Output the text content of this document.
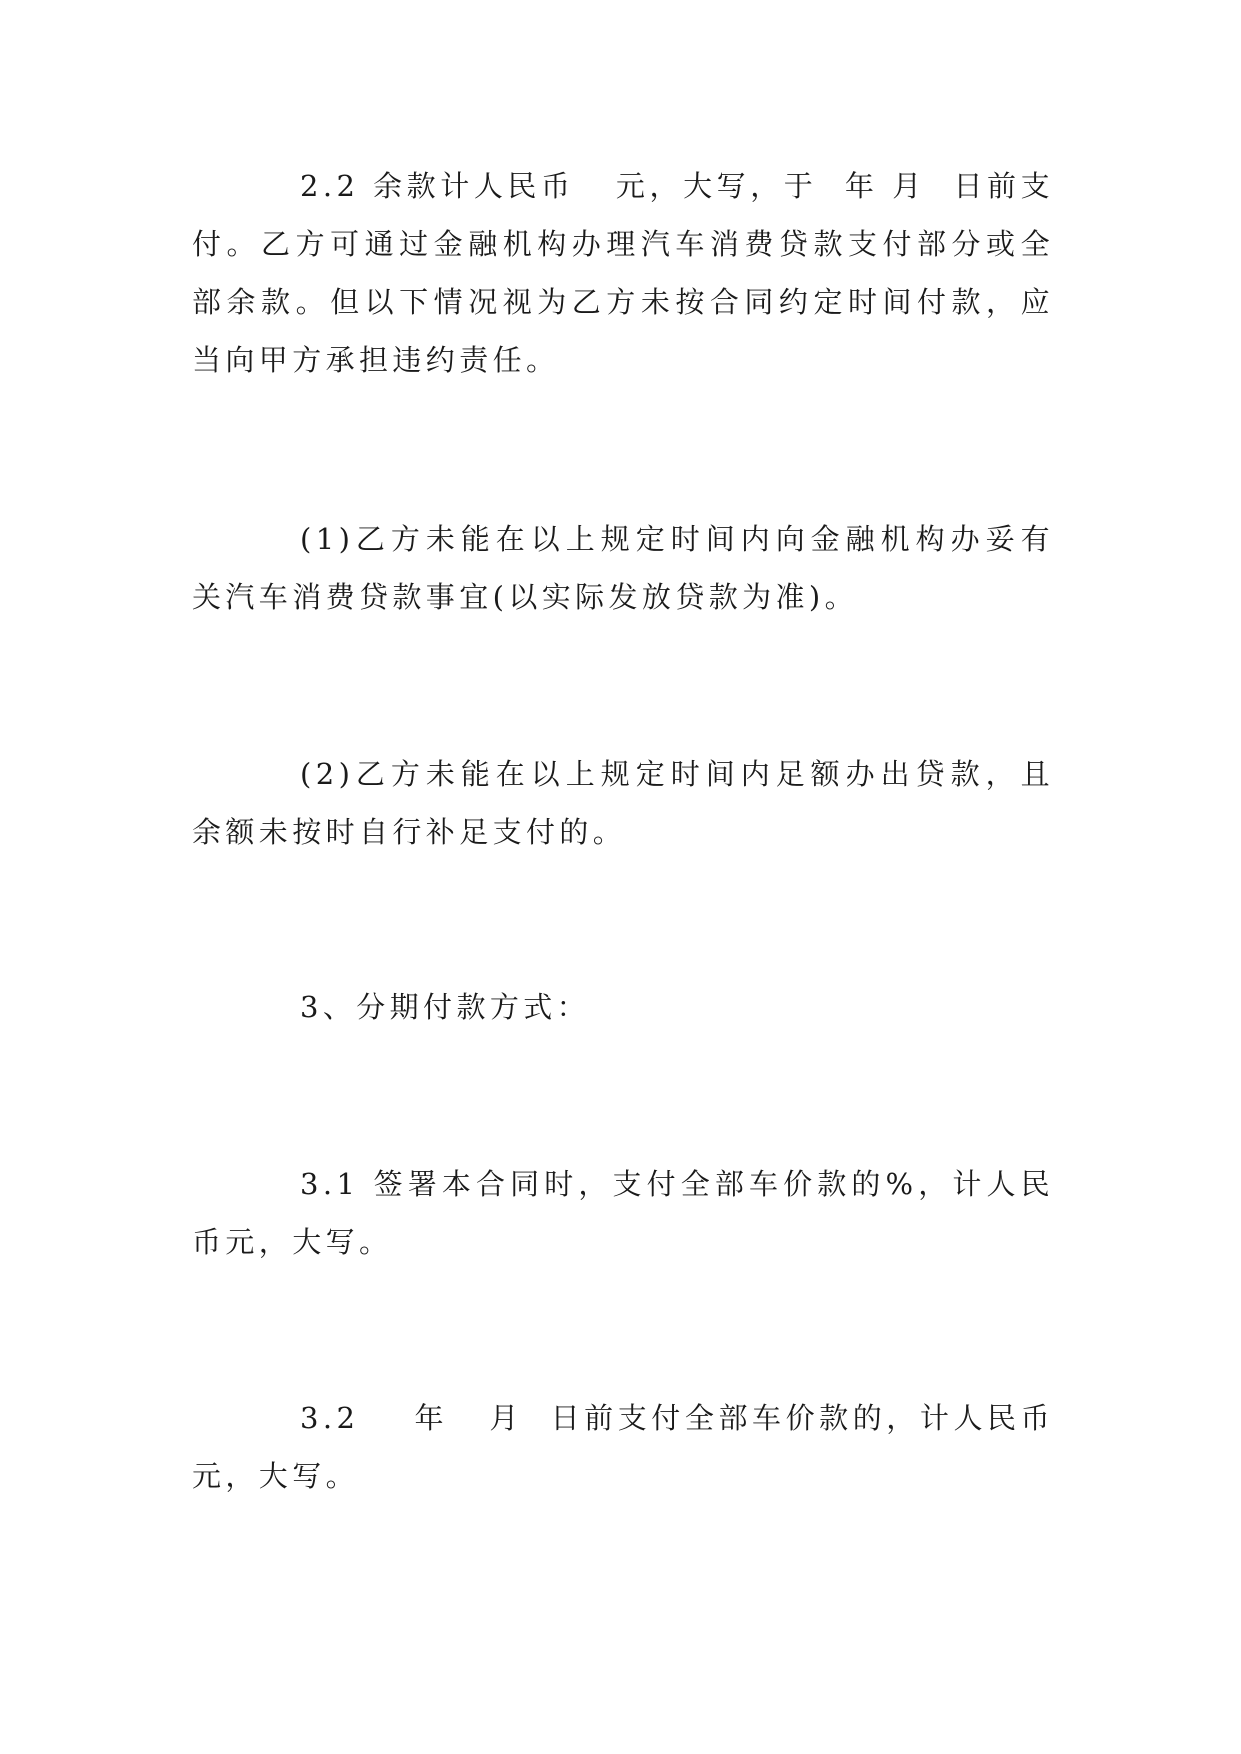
2.2 余款计人民币   元，大写，于  年 月  日前支付。乙方可通过金融机构办理汽车消费贷款支付部分或全部余款。但以下情况视为乙方未按合同约定时间付款，应当向甲方承担违约责任。

(1)乙方未能在以上规定时间内向金融机构办妥有关汽车消费贷款事宜(以实际发放贷款为准)。

(2)乙方未能在以上规定时间内足额办出贷款，且余额未按时自行补足支付的。

3、分期付款方式：

3.1 签署本合同时，支付全部车价款的%，计人民币元，大写。

3.2    年   月  日前支付全部车价款的，计人民币元，大写。
